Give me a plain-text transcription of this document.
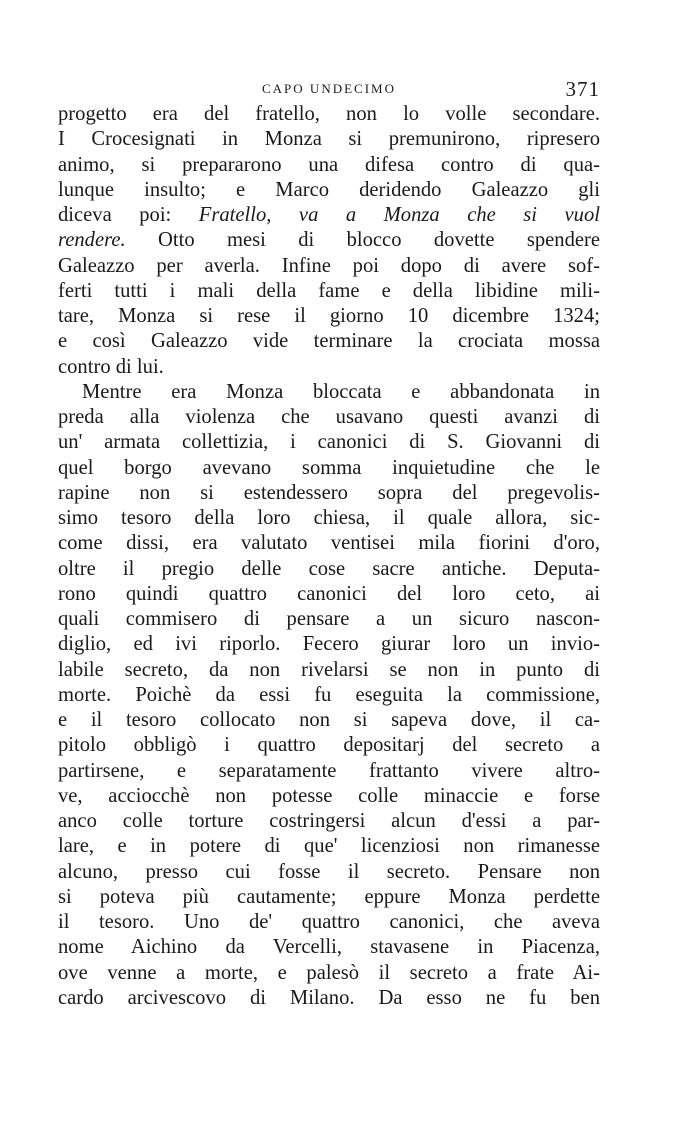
CAPO UNDECIMO	371
progetto era del fratello, non lo volle secondare.
I Crocesignati in Monza si premunirono, ripresero
animo, si prepararono una difesa contro di qua-
lunque insulto; e Marco deridendo Galeazzo gli
diceva poi: Fratello, va a Monza che si vuol
rendere. Otto mesi di blocco dovette spendere
Galeazzo per averla. Infine poi dopo di avere sof-
ferti tutti i mali della fame e della libidine mili-
tare, Monza si rese il giorno 10 dicembre 1324;
e così Galeazzo vide terminare la crociata mossa
contro di lui.
Mentre era Monza bloccata e abbandonata in
preda alla violenza che usavano questi avanzi di
un' armata collettizia, i canonici di S. Giovanni di
quel borgo avevano somma inquietudine che le
rapine non si estendessero sopra del pregevolis-
simo tesoro della loro chiesa, il quale allora, sic-
come dissi, era valutato ventisei mila fiorini d'oro,
oltre il pregio delle cose sacre antiche. Deputa-
rono quindi quattro canonici del loro ceto, ai
quali commisero di pensare a un sicuro nascon-
diglio, ed ivi riporlo. Fecero giurar loro un invio-
labile secreto, da non rivelarsi se non in punto di
morte. Poichè da essi fu eseguita la commissione,
e il tesoro collocato non si sapeva dove, il ca-
pitolo obbligò i quattro depositarj del secreto a
partirsene, e separatamente frattanto vivere altro-
ve, acciocchè non potesse colle minaccie e forse
anco colle torture costringersi alcun d'essi a par-
lare, e in potere di que' licenziosi non rimanesse
alcuno, presso cui fosse il secreto. Pensare non
si poteva più cautamente; eppure Monza perdette
il tesoro. Uno de' quattro canonici, che aveva
nome Aichino da Vercelli, stavasene in Piacenza,
ove venne a morte, e palesò il secreto a frate Ai-
cardo arcivescovo di Milano. Da esso ne fu ben
